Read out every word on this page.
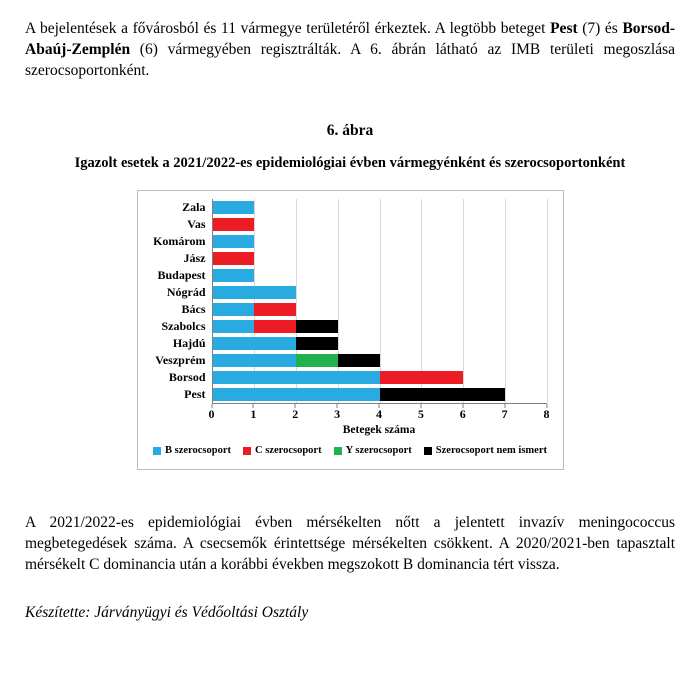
A bejelentések a fővárosból és 11 vármegye területéről érkeztek. A legtöbb beteget Pest (7) és Borsod-Abaúj-Zemplén (6) vármegyében regisztrálták. A 6. ábrán látható az IMB területi megoszlása szerocsoportonként.

6. ábra
Igazolt esetek a 2021/2022-es epidemiológiai évben vármegyénként és szerocsoportonként
Zala
Vas
Komárom
Jász
Budapest
Nógrád
Bács
Szabolcs
Hajdú
Veszprém
Borsod
Pest
0	1	2	3	4	5	6	7	8
Betegek száma
B szerocsoport C szerocsoport Y szerocsoport Szerocsoport nem ismert

A 2021/2022-es epidemiológiai évben mérsékelten nőtt a jelentett invazív meningococcus megbetegedések száma. A csecsemők érintettsége mérsékelten csökkent. A 2020/2021-ben tapasztalt mérsékelt C dominancia után a korábbi években megszokott B dominancia tért vissza.

Készítette: Járványügyi és Védőoltási Osztály
